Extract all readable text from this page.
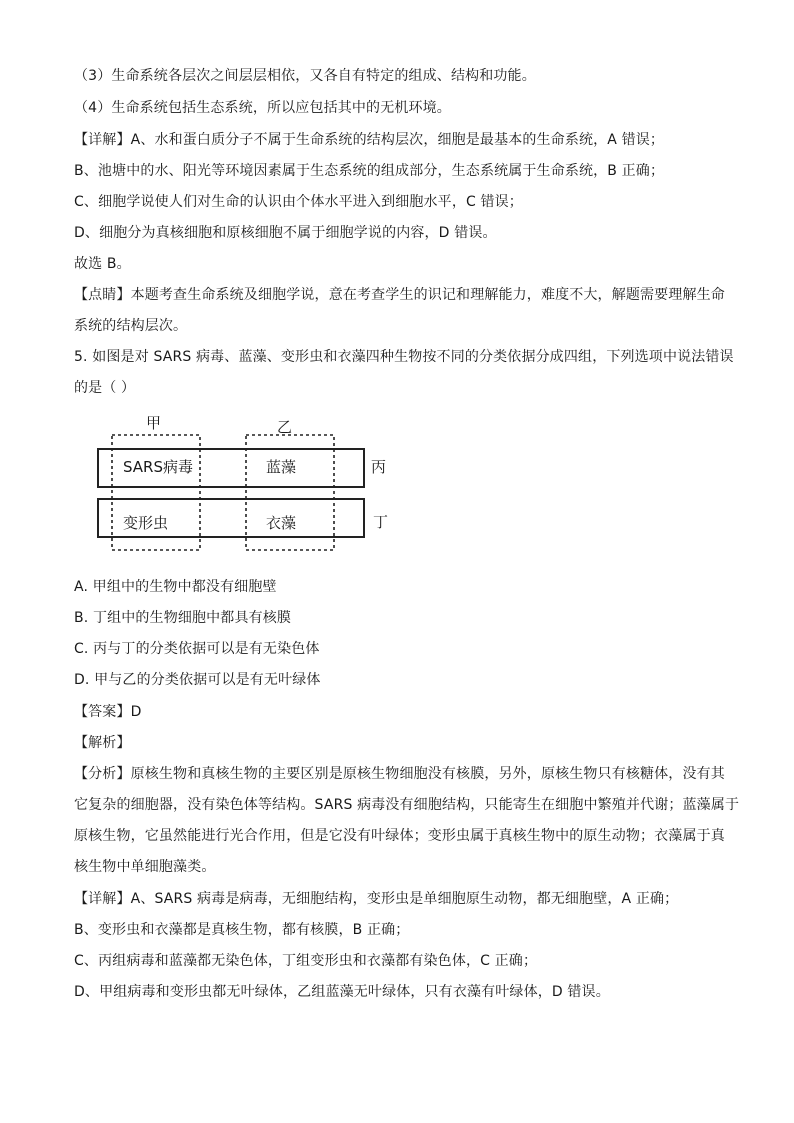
（3）生命系统各层次之间层层相依，又各自有特定的组成、结构和功能。
（4）生命系统包括生态系统，所以应包括其中的无机环境。
【详解】A、水和蛋白质分子不属于生命系统的结构层次，细胞是最基本的生命系统，A 错误；
B、池塘中的水、阳光等环境因素属于生态系统的组成部分，生态系统属于生命系统，B 正确；
C、细胞学说使人们对生命的认识由个体水平进入到细胞水平，C 错误；
D、细胞分为真核细胞和原核细胞不属于细胞学说的内容，D 错误。
故选 B。
【点睛】本题考查生命系统及细胞学说，意在考查学生的识记和理解能力，难度不大，解题需要理解生命
系统的结构层次。
5. 如图是对 SARS 病毒、蓝藻、变形虫和衣藻四种生物按不同的分类依据分成四组，下列选项中说法错误
的是（ ）
甲	乙
丙
丁
SARS病毒	蓝藻
变形虫	衣藻
A. 甲组中的生物中都没有细胞壁
B. 丁组中的生物细胞中都具有核膜
C. 丙与丁的分类依据可以是有无染色体
D. 甲与乙的分类依据可以是有无叶绿体
【答案】D
【解析】
【分析】原核生物和真核生物的主要区别是原核生物细胞没有核膜，另外，原核生物只有核糖体，没有其
它复杂的细胞器，没有染色体等结构。SARS 病毒没有细胞结构，只能寄生在细胞中繁殖并代谢；蓝藻属于
原核生物，它虽然能进行光合作用，但是它没有叶绿体；变形虫属于真核生物中的原生动物；衣藻属于真
核生物中单细胞藻类。
【详解】A、SARS 病毒是病毒，无细胞结构，变形虫是单细胞原生动物，都无细胞壁，A 正确；
B、变形虫和衣藻都是真核生物，都有核膜，B 正确；
C、丙组病毒和蓝藻都无染色体，丁组变形虫和衣藻都有染色体，C 正确；
D、甲组病毒和变形虫都无叶绿体，乙组蓝藻无叶绿体，只有衣藻有叶绿体，D 错误。
